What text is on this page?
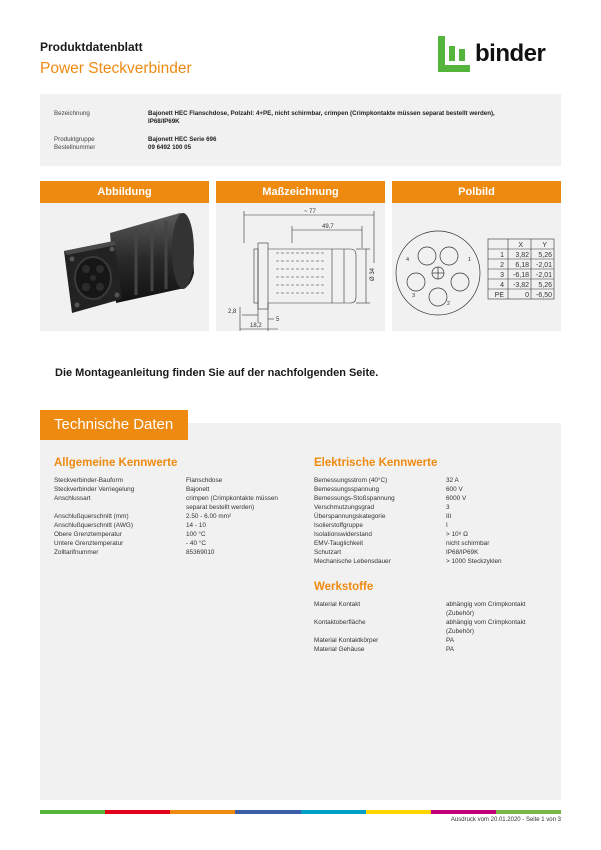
Produktdatenblatt
Power Steckverbinder
binder
Bezeichnung	Bajonett HEC Flanschdose, Polzahl: 4+PE, nicht schirmbar, crimpen (Crimpkontakte müssen separat bestellt werden),
IP68/IP69K
Produktgruppe	Bajonett HEC Serie 696
Bestellnummer	09 6492 100 05
Abbildung	Maßzeichnung
~ 77
49,7
Ø 34
2,8
5
18,2
Polbild
4	1
3
2
X	Y
1 3,82 5,26
2 6,18 -2,01
3 -6,18 -2,01
4 -3,82 5,26
PE	0 -6,50
Die Montageanleitung finden Sie auf der nachfolgenden Seite.
Allgemeine Kennwerte
Steckverbinder-Bauform	Flanschdose
Steckverbinder Verriegelung	Bajonett
Anschlussart	crimpen (Crimpkontakte müssen separat bestellt werden)
Anschlußquerschnitt (mm)	2.50 - 6.00 mm²
Anschlußquerschnitt (AWG)	14 - 10
Obere Grenztemperatur	100 °C
Untere Grenztemperatur	- 40 °C
Zolltarifnummer	85369010
Elektrische Kennwerte
Bemessungsstrom (40°C)	32 A
Bemessungsspannung	600 V
Bemessungs-Stoßspannung	6000 V
Verschmutzungsgrad	3
Überspannungskategorie	III
Isolierstoffgruppe	I
Isolationswiderstand	> 10⁸ Ω
EMV-Tauglichkeit	nicht schirmbar
Schutzart	IP68/IP69K
Mechanische Lebensdauer	> 1000 Steckzyklen
Werkstoffe
Material Kontakt	abhängig vom Crimpkontakt (Zubehör)
Kontaktoberfläche	abhängig vom Crimpkontakt (Zubehör)
Material Kontaktkörper	PA
Material Gehäuse	PA
Technische Daten
Ausdruck vom 20.01.2020 - Seite 1 von 3
